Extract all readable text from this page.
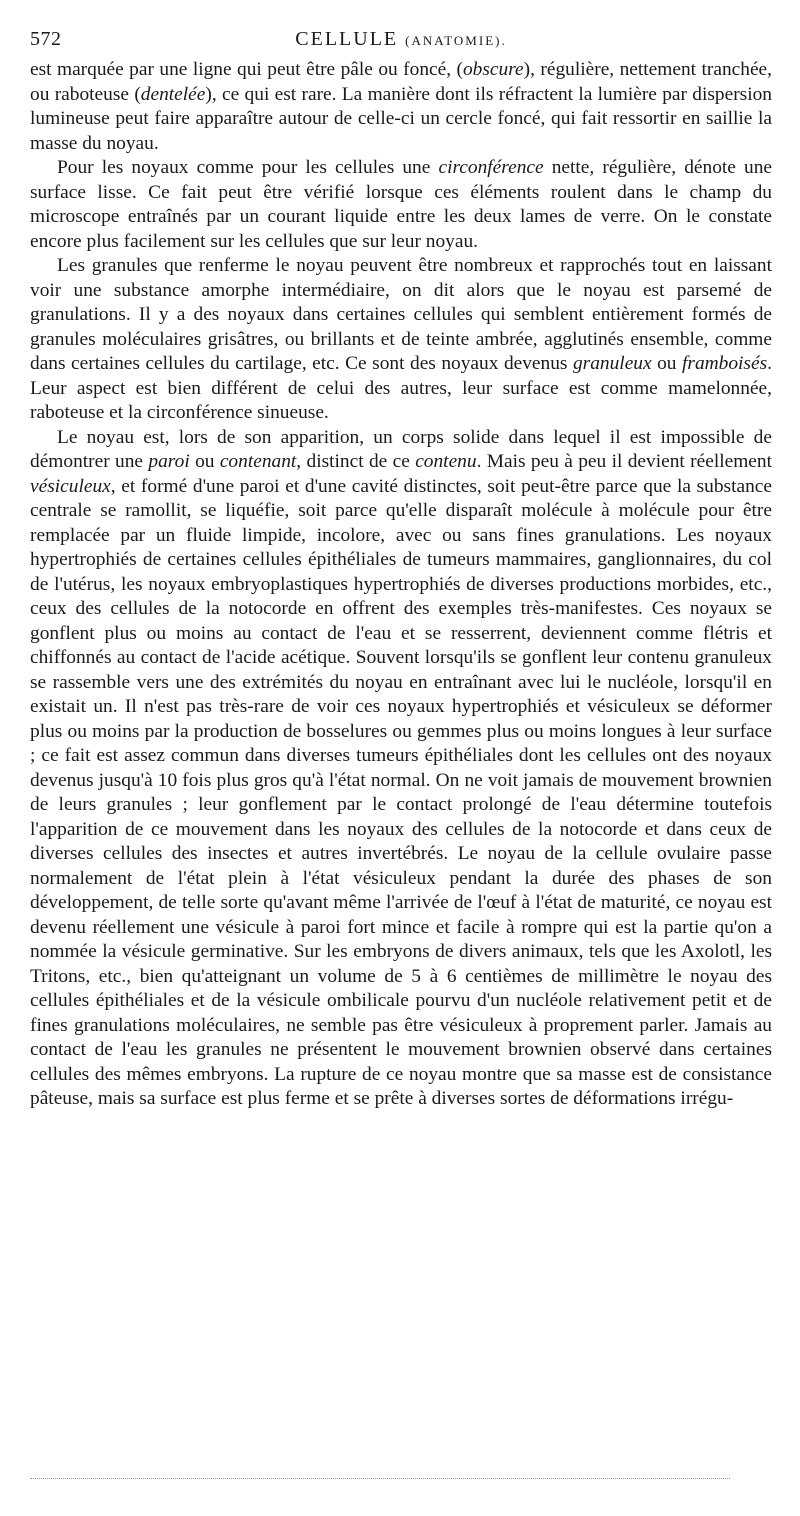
572	CELLULE (ANATOMIE).

est marquée par une ligne qui peut être pâle ou foncé, (obscure), régulière, nettement tranchée, ou raboteuse (dentelée), ce qui est rare. La manière dont ils réfractent la lumière par dispersion lumineuse peut faire apparaître autour de celle-ci un cercle foncé, qui fait ressortir en saillie la masse du noyau.

Pour les noyaux comme pour les cellules une circonférence nette, régulière, dénote une surface lisse. Ce fait peut être vérifié lorsque ces éléments roulent dans le champ du microscope entraînés par un courant liquide entre les deux lames de verre. On le constate encore plus facilement sur les cellules que sur leur noyau.

Les granules que renferme le noyau peuvent être nombreux et rapprochés tout en laissant voir une substance amorphe intermédiaire, on dit alors que le noyau est parsemé de granulations. Il y a des noyaux dans certaines cellules qui semblent entièrement formés de granules moléculaires grisâtres, ou brillants et de teinte ambrée, agglutinés ensemble, comme dans certaines cellules du cartilage, etc. Ce sont des noyaux devenus granuleux ou framboisés. Leur aspect est bien différent de celui des autres, leur surface est comme mamelonnée, raboteuse et la circonférence sinueuse.

Le noyau est, lors de son apparition, un corps solide dans lequel il est impossible de démontrer une paroi ou contenant, distinct de ce contenu. Mais peu à peu il devient réellement vésiculeux, et formé d'une paroi et d'une cavité distinctes, soit peut-être parce que la substance centrale se ramollit, se liquéfie, soit parce qu'elle disparaît molécule à molécule pour être remplacée par un fluide limpide, incolore, avec ou sans fines granulations. Les noyaux hypertrophiés de certaines cellules épithéliales de tumeurs mammaires, ganglionnaires, du col de l'utérus, les noyaux embryoplastiques hypertrophiés de diverses productions morbides, etc., ceux des cellules de la notocorde en offrent des exemples très-manifestes. Ces noyaux se gonflent plus ou moins au contact de l'eau et se resserrent, deviennent comme flétris et chiffonnés au contact de l'acide acétique. Souvent lorsqu'ils se gonflent leur contenu granuleux se rassemble vers une des extrémités du noyau en entraînant avec lui le nucléole, lorsqu'il en existait un. Il n'est pas très-rare de voir ces noyaux hypertrophiés et vésiculeux se déformer plus ou moins par la production de bosselures ou gemmes plus ou moins longues à leur surface ; ce fait est assez commun dans diverses tumeurs épithéliales dont les cellules ont des noyaux devenus jusqu'à 10 fois plus gros qu'à l'état normal. On ne voit jamais de mouvement brownien de leurs granules ; leur gonflement par le contact prolongé de l'eau détermine toutefois l'apparition de ce mouvement dans les noyaux des cellules de la notocorde et dans ceux de diverses cellules des insectes et autres invertébrés. Le noyau de la cellule ovulaire passe normalement de l'état plein à l'état vésiculeux pendant la durée des phases de son développement, de telle sorte qu'avant même l'arrivée de l'œuf à l'état de maturité, ce noyau est devenu réellement une vésicule à paroi fort mince et facile à rompre qui est la partie qu'on a nommée la vésicule germinative. Sur les embryons de divers animaux, tels que les Axolotl, les Tritons, etc., bien qu'atteignant un volume de 5 à 6 centièmes de millimètre le noyau des cellules épithéliales et de la vésicule ombilicale pourvu d'un nucléole relativement petit et de fines granulations moléculaires, ne semble pas être vésiculeux à proprement parler. Jamais au contact de l'eau les granules ne présentent le mouvement brownien observé dans certaines cellules des mêmes embryons. La rupture de ce noyau montre que sa masse est de consistance pâteuse, mais sa surface est plus ferme et se prête à diverses sortes de déformations irrégu-
